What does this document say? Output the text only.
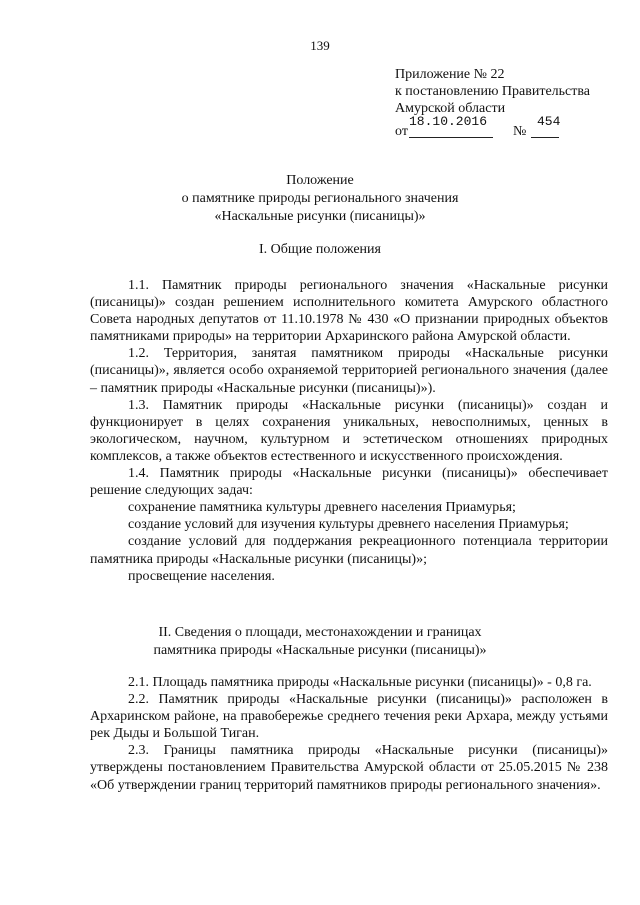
139
Приложение № 22
к постановлению Правительства
Амурской области
от
18.10.2016
№
454
Положение
о памятнике природы регионального значения
«Наскальные рисунки (писаницы)»
I. Общие положения

1.1. Памятник природы регионального значения «Наскальные рисунки (писаницы)» создан решением исполнительного комитета Амурского областного Совета народных депутатов от 11.10.1978 № 430 «О признании природных объектов памятниками природы» на территории Архаринского района Амурской области.

1.2. Территория, занятая памятником природы «Наскальные рисунки (писаницы)», является особо охраняемой территорией регионального значения (далее – памятник природы «Наскальные рисунки (писаницы)»).

1.3. Памятник природы «Наскальные рисунки (писаницы)» создан и функционирует в целях сохранения уникальных, невосполнимых, ценных в экологическом, научном, культурном и эстетическом отношениях природных комплексов, а также объектов естественного и искусственного происхождения.

1.4. Памятник природы «Наскальные рисунки (писаницы)» обеспечивает решение следующих задач:

сохранение памятника культуры древнего населения Приамурья;

создание условий для изучения культуры древнего населения Приамурья;

создание условий для поддержания рекреационного потенциала территории памятника природы «Наскальные рисунки (писаницы)»;

просвещение населения.

II. Сведения о площади, местонахождении и границах
памятника природы «Наскальные рисунки (писаницы)»

2.1. Площадь памятника природы «Наскальные рисунки (писаницы)» - 0,8 га.

2.2. Памятник природы «Наскальные рисунки (писаницы)» расположен в Архаринском районе, на правобережье среднего течения реки Архара, между устьями рек Дыды и Большой Тиган.

2.3. Границы памятника природы «Наскальные рисунки (писаницы)» утверждены постановлением Правительства Амурской области от 25.05.2015 № 238 «Об утверждении границ территорий памятников природы регионального значения».
